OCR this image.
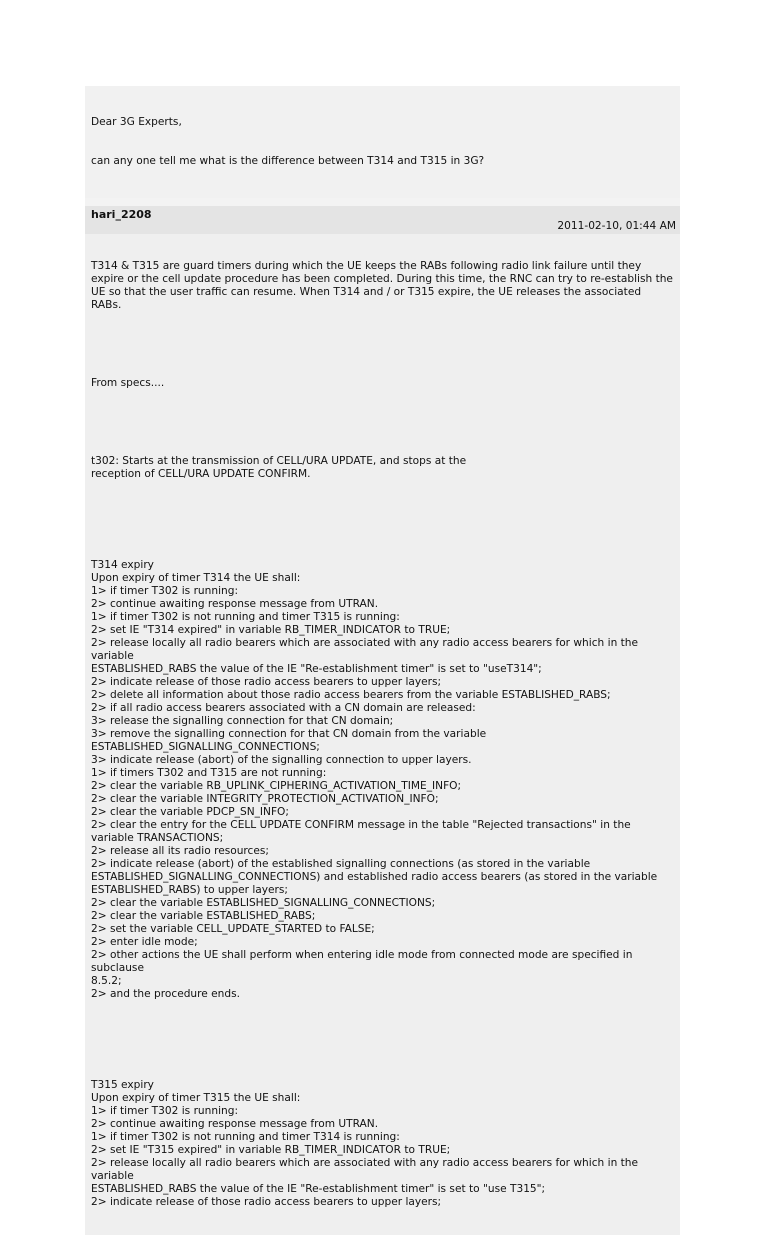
Dear 3G Experts,

can any one tell me what is the difference between T314 and T315 in 3G?

hari_2208
2011-02-10, 01:44 AM

T314 & T315 are guard timers during which the UE keeps the RABs following radio link failure until they expire or the cell update procedure has been completed. During this time, the RNC can try to re-establish the UE so that the user traffic can resume. When T314 and / or T315 expire, the UE releases the associated RABs.

From specs....

t302: Starts at the transmission of CELL/URA UPDATE, and stops at the
reception of CELL/URA UPDATE CONFIRM.

T314 expiry
Upon expiry of timer T314 the UE shall:
1> if timer T302 is running:
2> continue awaiting response message from UTRAN.
1> if timer T302 is not running and timer T315 is running:
2> set IE "T314 expired" in variable RB_TIMER_INDICATOR to TRUE;
2> release locally all radio bearers which are associated with any radio access bearers for which in the variable
ESTABLISHED_RABS the value of the IE "Re-establishment timer" is set to "useT314";
2> indicate release of those radio access bearers to upper layers;
2> delete all information about those radio access bearers from the variable ESTABLISHED_RABS;
2> if all radio access bearers associated with a CN domain are released:
3> release the signalling connection for that CN domain;
3> remove the signalling connection for that CN domain from the variable
ESTABLISHED_SIGNALLING_CONNECTIONS;
3> indicate release (abort) of the signalling connection to upper layers.
1> if timers T302 and T315 are not running:
2> clear the variable RB_UPLINK_CIPHERING_ACTIVATION_TIME_INFO;
2> clear the variable INTEGRITY_PROTECTION_ACTIVATION_INFO;
2> clear the variable PDCP_SN_INFO;
2> clear the entry for the CELL UPDATE CONFIRM message in the table "Rejected transactions" in the variable TRANSACTIONS;
2> release all its radio resources;
2> indicate release (abort) of the established signalling connections (as stored in the variable ESTABLISHED_SIGNALLING_CONNECTIONS) and established radio access bearers (as stored in the variable ESTABLISHED_RABS) to upper layers;
2> clear the variable ESTABLISHED_SIGNALLING_CONNECTIONS;
2> clear the variable ESTABLISHED_RABS;
2> set the variable CELL_UPDATE_STARTED to FALSE;
2> enter idle mode;
2> other actions the UE shall perform when entering idle mode from connected mode are specified in subclause
8.5.2;
2> and the procedure ends.

T315 expiry
Upon expiry of timer T315 the UE shall:
1> if timer T302 is running:
2> continue awaiting response message from UTRAN.
1> if timer T302 is not running and timer T314 is running:
2> set IE "T315 expired" in variable RB_TIMER_INDICATOR to TRUE;
2> release locally all radio bearers which are associated with any radio access bearers for which in the variable
ESTABLISHED_RABS the value of the IE "Re-establishment timer" is set to "use T315";
2> indicate release of those radio access bearers to upper layers;
